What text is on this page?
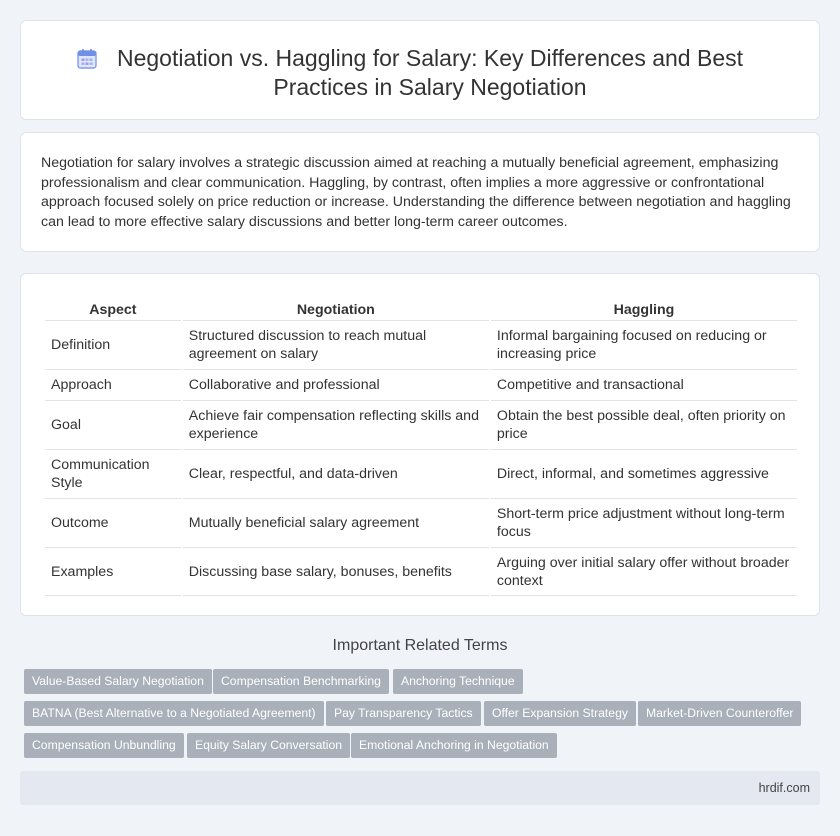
Negotiation vs. Haggling for Salary: Key Differences and Best Practices in Salary Negotiation

Negotiation for salary involves a strategic discussion aimed at reaching a mutually beneficial agreement, emphasizing professionalism and clear communication. Haggling, by contrast, often implies a more aggressive or confrontational approach focused solely on price reduction or increase. Understanding the difference between negotiation and haggling can lead to more effective salary discussions and better long-term career outcomes.

Aspect	Negotiation	Haggling
Definition	Structured discussion to reach mutual agreement on salary	Informal bargaining focused on reducing or increasing price
Approach	Collaborative and professional	Competitive and transactional
Goal	Achieve fair compensation reflecting skills and experience	Obtain the best possible deal, often priority on price
Communication Style	Clear, respectful, and data-driven	Direct, informal, and sometimes aggressive
Outcome	Mutually beneficial salary agreement	Short-term price adjustment without long-term focus
Examples	Discussing base salary, bonuses, benefits	Arguing over initial salary offer without broader context
Important Related Terms
Value-Based Salary Negotiation	Compensation Benchmarking	Anchoring Technique
BATNA (Best Alternative to a Negotiated Agreement)	Pay Transparency Tactics	Offer Expansion Strategy	Market-Driven Counteroffer
Compensation Unbundling	Equity Salary Conversation	Emotional Anchoring in Negotiation
hrdif.com
